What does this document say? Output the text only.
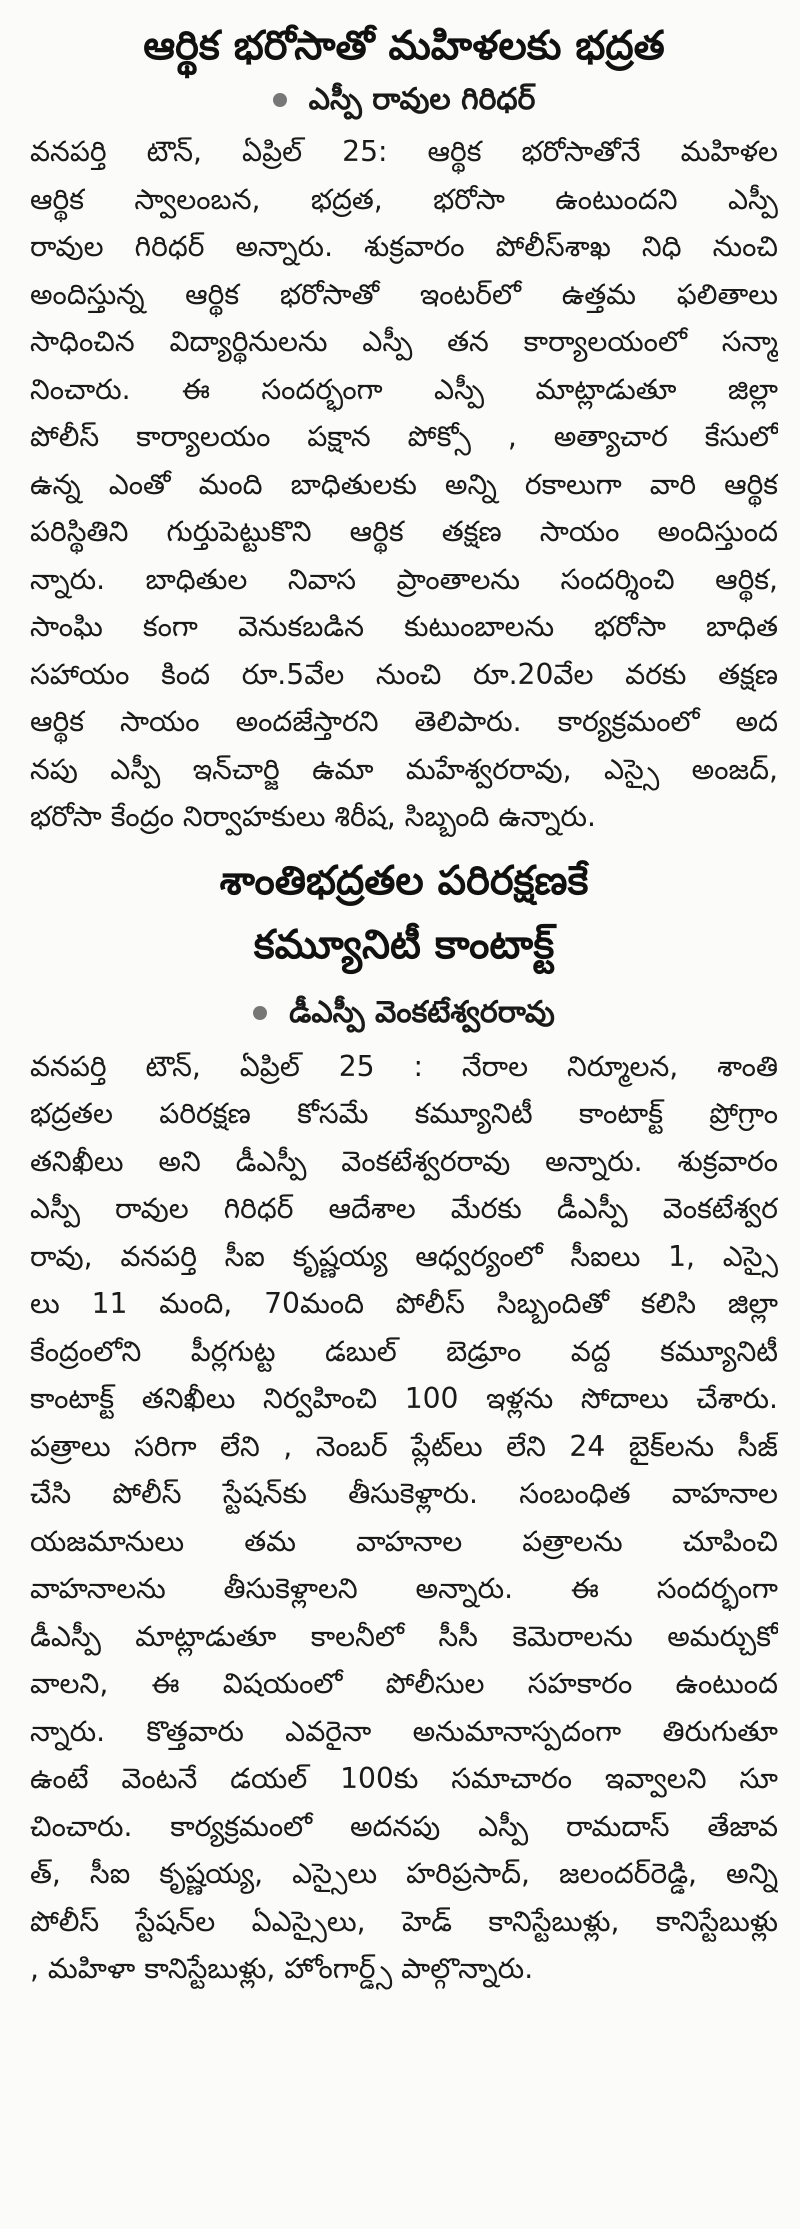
ఆర్థిక భరోసాతో మహిళలకు భద్రత
ఎస్పీ రావుల గిరిధర్
వనపర్తి టౌన్, ఏప్రిల్ 25: ఆర్థిక భరోసాతోనే మహిళల
ఆర్థిక స్వాలంబన, భద్రత, భరోసా ఉంటుందని ఎస్పీ
రావుల గిరిధర్ అన్నారు. శుక్రవారం పోలీస్‌శాఖ నిధి నుంచి
అందిస్తున్న ఆర్థిక భరోసాతో ఇంటర్‌లో ఉత్తమ ఫలితాలు
సాధించిన విద్యార్థినులను ఎస్పీ తన కార్యాలయంలో సన్మా
నించారు. ఈ సందర్భంగా ఎస్పీ మాట్లాడుతూ జిల్లా
పోలీస్ కార్యాలయం పక్షాన పోక్సో , అత్యాచార కేసులో
ఉన్న ఎంతో మంది బాధితులకు అన్ని రకాలుగా వారి ఆర్థిక
పరిస్థితిని గుర్తుపెట్టుకొని ఆర్థిక తక్షణ సాయం అందిస్తుంద
న్నారు. బాధితుల నివాస ప్రాంతాలను సందర్శించి ఆర్థిక,
సాంఘి కంగా వెనుకబడిన కుటుంబాలను భరోసా బాధిత
సహాయం కింద రూ.5వేల నుంచి రూ.20వేల వరకు తక్షణ
ఆర్థిక సాయం అందజేస్తారని తెలిపారు. కార్యక్రమంలో అద
నపు ఎస్పీ ఇన్‌చార్జి ఉమా మహేశ్వరరావు, ఎస్సై అంజద్,
భరోసా కేంద్రం నిర్వాహకులు శిరీష, సిబ్బంది ఉన్నారు.
శాంతిభద్రతల పరిరక్షణకే
కమ్యూనిటీ కాంటాక్ట్
డీఎస్పీ వెంకటేశ్వరరావు
వనపర్తి టౌన్, ఏప్రిల్ 25 : నేరాల నిర్మూలన, శాంతి
భద్రతల పరిరక్షణ కోసమే కమ్యూనిటీ కాంటాక్ట్ ప్రోగ్రాం
తనిఖీలు అని డీఎస్పీ వెంకటేశ్వరరావు అన్నారు. శుక్రవారం
ఎస్పీ రావుల గిరిధర్ ఆదేశాల మేరకు డీఎస్పీ వెంకటేశ్వర
రావు, వనపర్తి సీఐ కృష్ణయ్య ఆధ్వర్యంలో సీఐలు 1, ఎస్సై
లు 11 మంది, 70మంది పోలీస్ సిబ్బందితో కలిసి జిల్లా
కేంద్రంలోని పీర్లగుట్ట డబుల్ బెడ్రూం వద్ద కమ్యూనిటీ
కాంటాక్ట్ తనిఖీలు నిర్వహించి 100 ఇళ్లను సోదాలు చేశారు.
పత్రాలు సరిగా లేని , నెంబర్ ప్లేట్‌లు లేని 24 బైక్‌లను సీజ్
చేసి పోలీస్ స్టేషన్‌కు తీసుకెళ్లారు. సంబంధిత వాహనాల
యజమానులు తమ వాహనాల పత్రాలను చూపించి
వాహనాలను తీసుకెళ్లాలని అన్నారు. ఈ సందర్భంగా
డీఎస్పీ మాట్లాడుతూ కాలనీలో సీసీ కెమెరాలను అమర్చుకో
వాలని, ఈ విషయంలో పోలీసుల సహకారం ఉంటుంద
న్నారు. కొత్తవారు ఎవరైనా అనుమానాస్పదంగా తిరుగుతూ
ఉంటే వెంటనే డయల్ 100కు సమాచారం ఇవ్వాలని సూ
చించారు. కార్యక్రమంలో అదనపు ఎస్పీ రామదాస్ తేజావ
త్, సీఐ కృష్ణయ్య, ఎస్సైలు హరిప్రసాద్, జలందర్‌రెడ్డి, అన్ని
పోలీస్ స్టేషన్‌ల ఏఎస్సైలు, హెడ్ కానిస్టేబుళ్లు, కానిస్టేబుళ్లు
, మహిళా కానిస్టేబుళ్లు, హోంగార్డ్స్ పాల్గొన్నారు.
